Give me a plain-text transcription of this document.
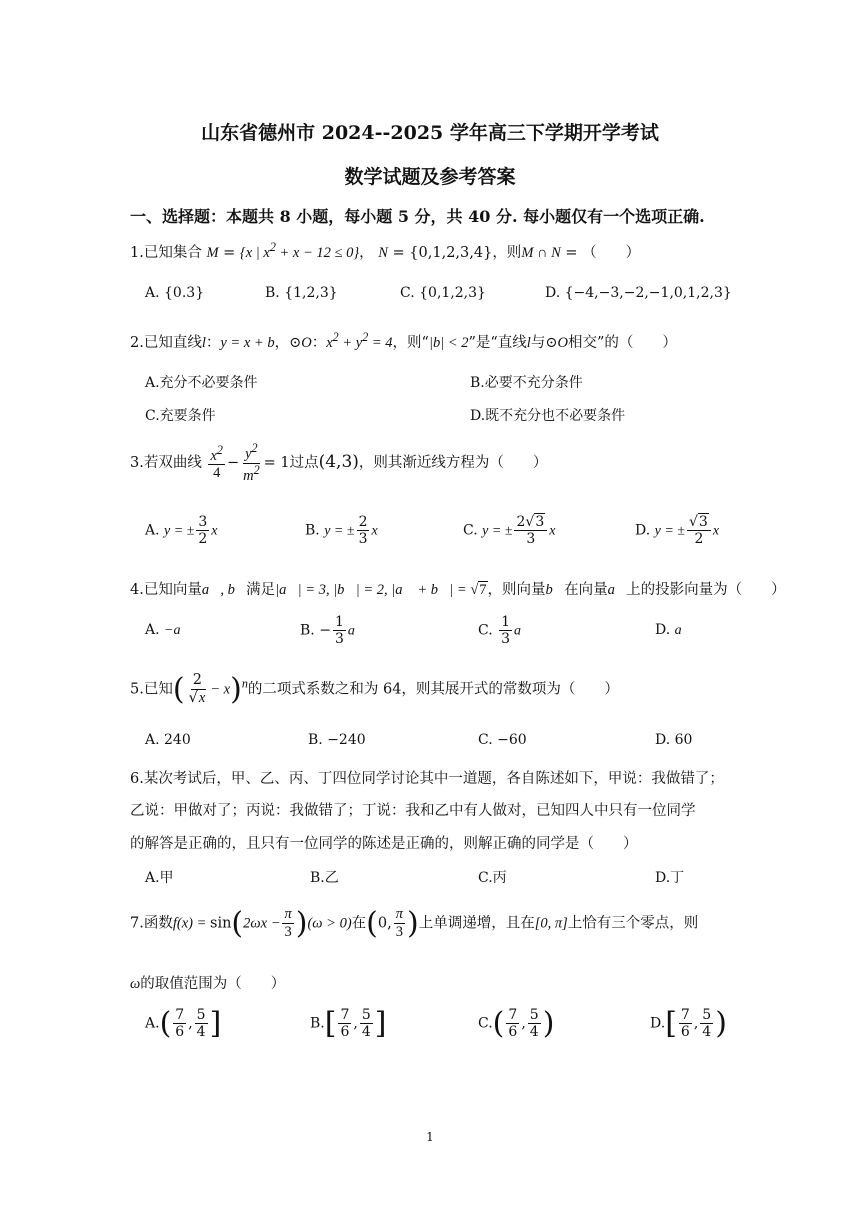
山东省德州市 2024--2025 学年高三下学期开学考试
数学试题及参考答案
一、选择题：本题共 8 小题，每小题 5 分，共 40 分. 每小题仅有一个选项正确.
1.已知集合 M = {x | $x^2 + x - 12 \le 0$}， N = {0,1,2,3,4}，则M ∩ N = （　　）
A. {0.3}	B. {1,2,3}	C. {0,1,2,3}	D. {−4,−3,−2,−1,0,1,2,3}
2.已知直线l：y = x + b，⊙O：$x^2 + y^2 = 4$，则“|b| < 2”是“直线l与⊙O相交”的（　　）
A.充分不必要条件	B.必要不充分条件
C.充要条件	D.既不充分也不必要条件
3.若双曲线 $\frac{x^2}{4} - \frac{y^2}{m^2} = 1$过点(4,3)，则其渐近线方程为（　　）
A. y = ± $\frac{3}{2}$ x	B. y = ± $\frac{2}{3}$ x	C. y = ± $\frac{2√3}{3}$ x	D. y = ± $\frac{√3}{2}$ x
4.已知向量a⃗, b⃗满足|a⃗| = 3, |b⃗| = 2, |a⃗ + b⃗| = √7，则向量b⃗在向量a⃗上的投影向量为（　　）
A. −a⃗	B. − $\frac{1}{3}$ a⃗	C. $\frac{1}{3}$ a⃗	D. a⃗
5.已知( $\frac{2}{√x} - x)^n$的二项式系数之和为 64，则其展开式的常数项为（　　）
A. 240	B. −240	C. −60	D. 60
6.某次考试后，甲、乙、丙、丁四位同学讨论其中一道题，各自陈述如下，甲说：我做错了；
乙说：甲做对了；丙说：我做错了；丁说：我和乙中有人做对，已知四人中只有一位同学
的解答是正确的，且只有一位同学的陈述是正确的，则解正确的同学是（　　）
A.甲	B.乙	C.丙	D.丁
7.函数$f(x) = \sin(2\omega x - \frac{\pi}{3} )(\omega > 0)$在(0, $\frac{\pi}{3}$ )上单调递增，且在[0, π]上恰有三个零点，则
ω的取值范围为（　　）
$A.( \frac{7}{6}$ , $\frac{5}{4}$ ]	$B.[ \frac{7}{6}$ , $\frac{5}{4}$ ]	$C.( \frac{7}{6}$ , $\frac{5}{4}$ )	$D.[ \frac{7}{6}$ , $\frac{5}{4}$ )
1
